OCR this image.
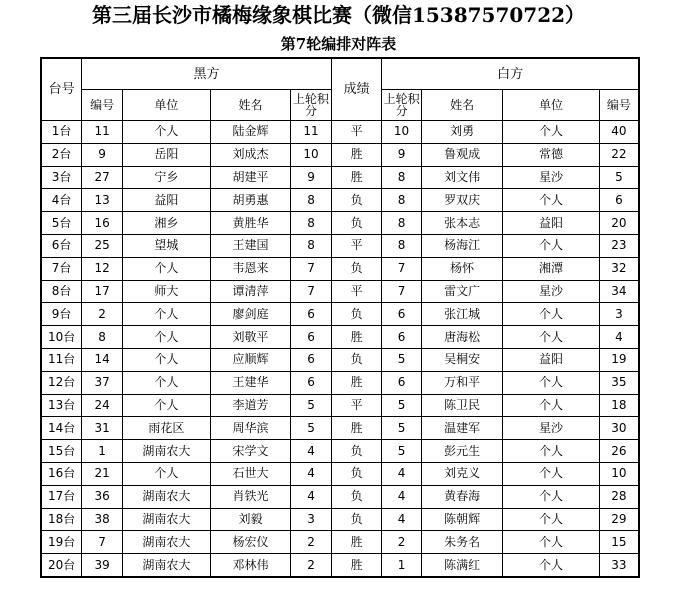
第三届长沙市橘梅缘象棋比赛（微信15387570722）
第7轮编排对阵表
台号	黑方				成绩	白方			
	编号	单位	姓名	上轮积分		上轮积分	姓名	单位	编号
1台	11	个人	陆金辉	11	平	10	刘勇	个人	40
2台	9	岳阳	刘成杰	10	胜	9	鲁观成	常德	22
3台	27	宁乡	胡建平	9	胜	8	刘文伟	星沙	5
4台	13	益阳	胡勇惠	8	负	8	罗双庆	个人	6
5台	16	湘乡	黄胜华	8	负	8	张本志	益阳	20
6台	25	望城	王建国	8	平	8	杨海江	个人	23
7台	12	个人	韦恩来	7	负	7	杨怀	湘潭	32
8台	17	师大	谭清萍	7	平	7	雷文广	星沙	34
9台	2	个人	廖剑庭	6	负	6	张江城	个人	3
10台	8	个人	刘敬平	6	胜	6	唐海松	个人	4
11台	14	个人	应顺辉	6	负	5	吴桐安	益阳	19
12台	37	个人	王建华	6	胜	6	万和平	个人	35
13台	24	个人	李道芳	5	平	5	陈卫民	个人	18
14台	31	雨花区	周华滨	5	胜	5	温建军	星沙	30
15台	1	湖南农大	宋学文	4	负	5	彭元生	个人	26
16台	21	个人	石世大	4	负	4	刘克义	个人	10
17台	36	湖南农大	肖铁光	4	负	4	黄春海	个人	28
18台	38	湖南农大	刘毅	3	负	4	陈朝辉	个人	29
19台	7	湖南农大	杨宏仪	2	胜	2	朱务名	个人	15
20台	39	湖南农大	邓林伟	2	胜	1	陈满红	个人	33
